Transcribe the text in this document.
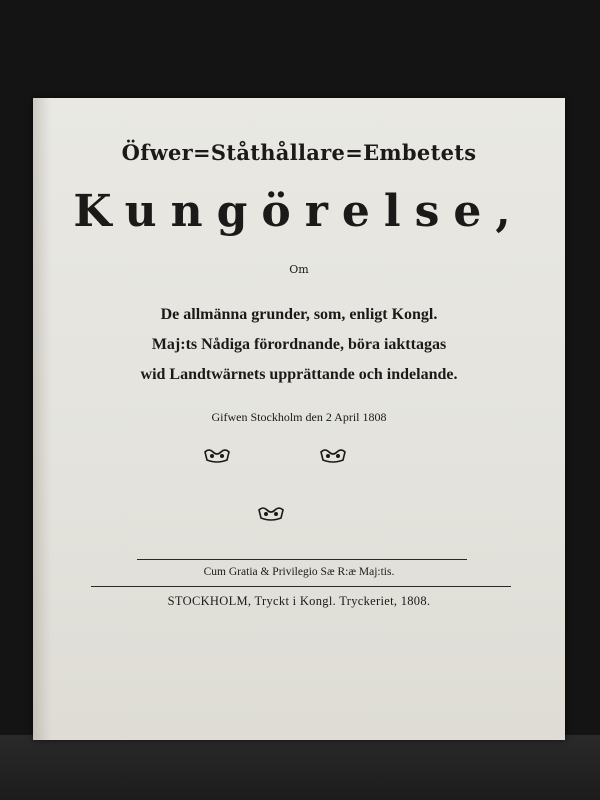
Öfwer=Ståthållare=Embetets
Kungörelse,
Om
De allmänna grunder, som, enligt Kongl.
Maj:ts Nådiga förordnande, böra iakttagas
wid Landtwärnets upprättande och indelande.
Gifwen Stockholm den 2 April 1808
Cum Gratia & Privilegio Sæ R:æ Maj:tis.
STOCKHOLM, Tryckt i Kongl. Tryckeriet, 1808.
